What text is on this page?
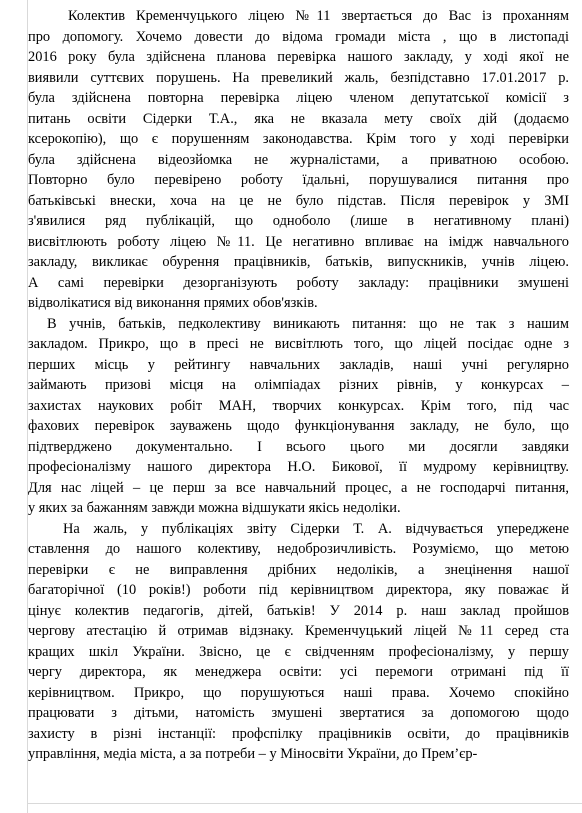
Колектив Кременчуцького ліцею №11 звертається до Вас із проханням
про допомогу. Хочемо довести до відома громади міста , що в листопаді
2016 року була здійснена планова перевірка нашого закладу, у ході якої не
виявили суттєвих порушень. На превеликий жаль, безпідставно 17.01.2017 р.
була здійснена повторна перевірка ліцею членом депутатської комісії з
питань освіти Сідерки Т.А., яка не вказала мету своїх дій (додаємо
ксерокопію), що є порушенням законодавства. Крім того у ході перевірки
була здійснена відеозйомка не журналістами, а приватною особою.
Повторно було перевірено роботу їдальні, порушувалися питання про
батьківські внески, хоча на це не було підстав. Після перевірок у ЗМІ
з'явилися ряд публікацій, що одноболо (лише в негативному плані)
висвітлюють роботу ліцею №11. Це негативно впливає на імідж навчального
закладу, викликає обурення працівників, батьків, випускників, учнів ліцею.
А самі перевірки дезорганізують роботу закладу: працівники змушені
відволікатися від виконання прямих обов'язків.
В учнів, батьків, педколективу виникають питання: що не так з нашим
закладом. Прикро, що в пресі не висвітлють того, що ліцей посідає одне з
перших місць у рейтингу навчальних закладів, наші учні регулярно
займають призові місця на олімпіадах різних рівнів, у конкурсах –
захистах наукових робіт МАН, творчих конкурсах. Крім того, під час
фахових перевірок зауважень щодо функціонування закладу, не було, що
підтверджено документально. І всього цього ми досягли завдяки
професіоналізму нашого директора Н.О. Бикової, її мудрому керівництву.
Для нас ліцей – це перш за все навчальний процес, а не господарчі питання,
у яких за бажанням завжди можна відшукати якісь недоліки.
На жаль, у публікаціях звіту Сідерки Т. А. відчувається упереджене
ставлення до нашого колективу, недоброзичливість. Розуміємо, що метою
перевірки є не виправлення дрібних недоліків, а знецінення нашої
багаторічної (10 років!) роботи під керівництвом директора, яку поважає й
цінує колектив педагогів, дітей, батьків! У 2014 р. наш заклад пройшов
чергову атестацію й отримав відзнаку. Кременчуцький ліцей №11 серед ста
кращих шкіл України. Звісно, це є свідченням професіоналізму, у першу
чергу директора, як менеджера освіти: усі перемоги отримані під її
керівництвом. Прикро, що порушуються наші права. Хочемо спокійно
працювати з дітьми, натомість змушені звертатися за допомогою щодо
захисту в різні інстанції: профспілку працівників освіти, до працівників
управління, медіа міста, а за потреби – у Міносвіти України, до Прем’єр-
